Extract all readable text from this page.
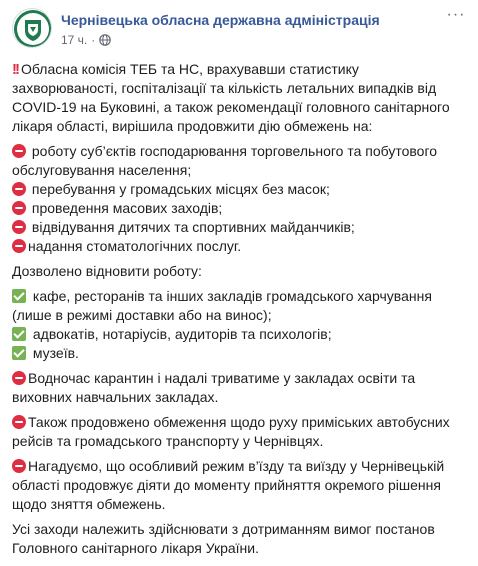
Чернівецька обласна державна адміністрація
17 ч. ·
···

!! Обласна комісія ТЕБ та НС, врахувавши статистику захворюваності, госпіталізації та кількість летальних випадків від COVID-19 на Буковині, а також рекомендації головного санітарного лікаря області, вирішила продовжити дію обмежень на:

роботу суб’єктів господарювання торговельного та побутового обслуговування населення;

перебування у громадських місцях без масок;

проведення масових заходів;

відвідування дитячих та спортивних майданчиків;

надання стоматологічних послуг.

Дозволено відновити роботу:

кафе, ресторанів та інших закладів громадського харчування (лише в режимі доставки або на винос);

адвокатів, нотаріусів, аудиторів та психологів;

музеїв.

Водночас карантин і надалі триватиме у закладах освіти та виховних навчальних закладах.

Також продовжено обмеження щодо руху приміських автобусних рейсів та громадського транспорту у Чернівцях.

Нагадуємо, що особливий режим в’їзду та виїзду у Чернівецькій області продовжує діяти до моменту прийняття окремого рішення щодо зняття обмежень.

Усі заходи належить здійснювати з дотриманням вимог постанов Головного санітарного лікаря України.
